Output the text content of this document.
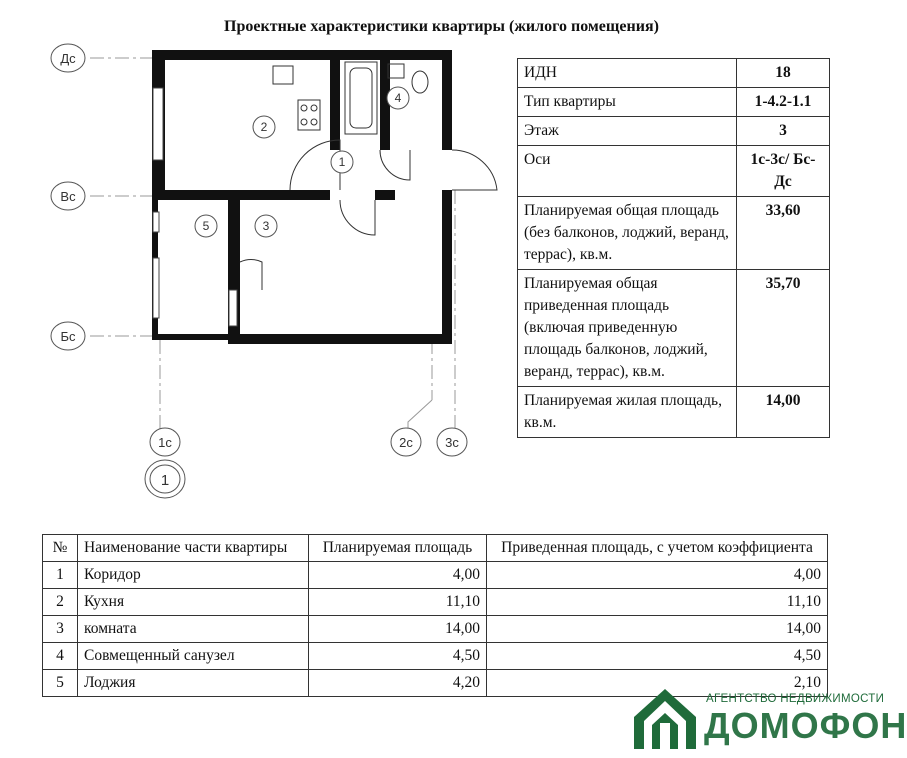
Проектные характеристики квартиры (жилого помещения)
Дс
Вс
Бс
1с	2с 3с
1
2
1
3
4
5
ИДН	18
Тип квартиры	1-4.2-1.1
Этаж	3
Оси	1с-3с/ Бс-Дс
Планируемая общая площадь (без балконов, лоджий, веранд, террас), кв.м.	33,60
Планируемая общая приведенная площадь (включая приведенную площадь балконов, лоджий, веранд, террас), кв.м.	35,70
Планируемая жилая площадь, кв.м.	14,00
№	Наименование части квартиры	Планируемая площадь	Приведенная площадь, с учетом коэффициента
1	Коридор	4,00	4,00
2	Кухня	11,10	11,10
3	комната	14,00	14,00
4	Совмещенный санузел	4,50	4,50
5	Лоджия	4,20	2,10
АГЕНТСТВО НЕДВИЖИМОСТИ
ДОМОФОН
